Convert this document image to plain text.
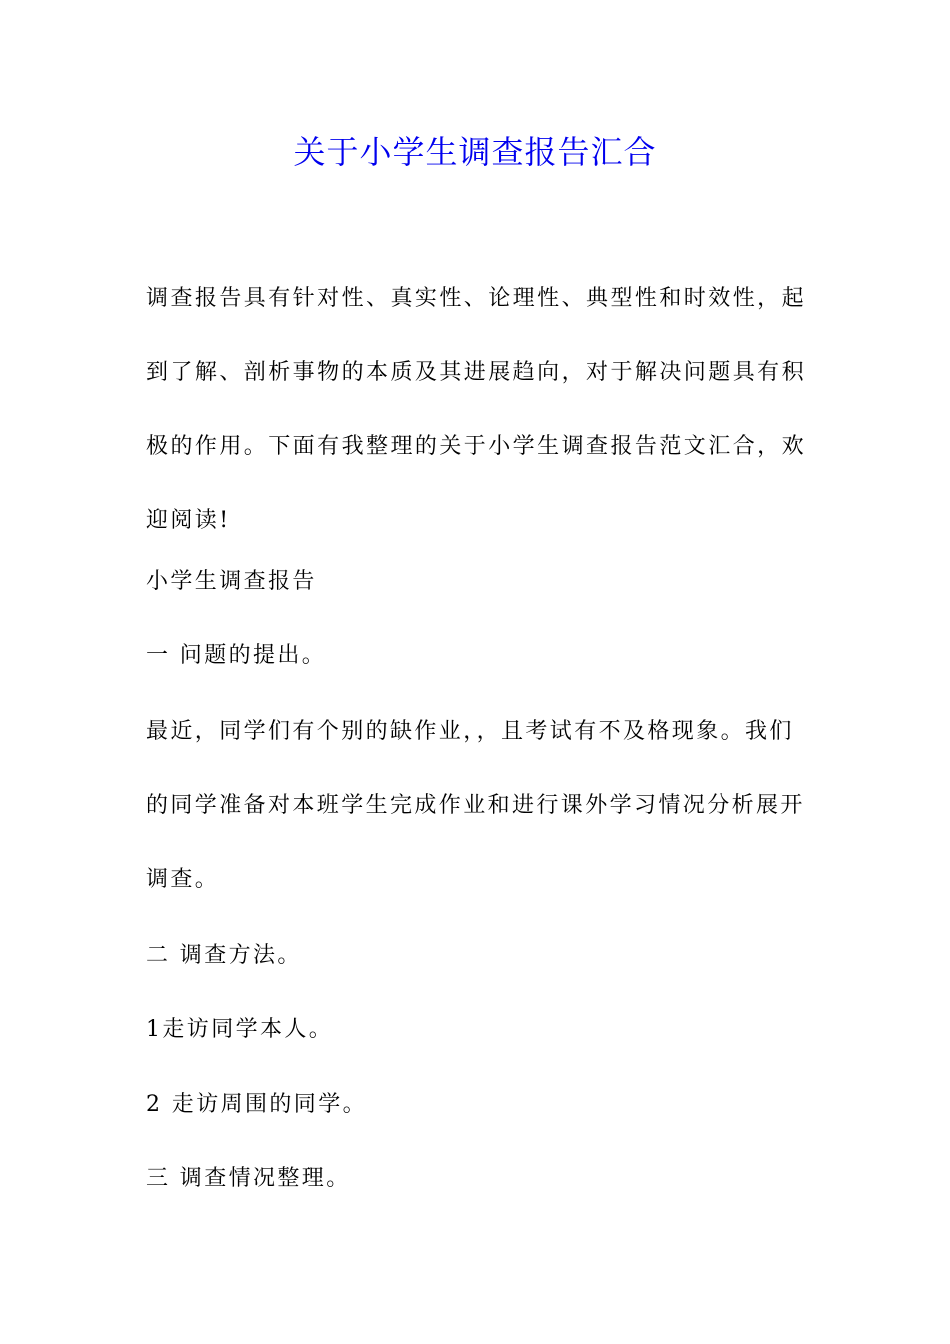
关于小学生调查报告汇合

调查报告具有针对性、真实性、论理性、典型性和时效性，起到了解、剖析事物的本质及其进展趋向，对于解决问题具有积极的作用。下面有我整理的关于小学生调查报告范文汇合，欢迎阅读!

小学生调查报告

一 问题的提出。

最近，同学们有个别的缺作业，，且考试有不及格现象。我们的同学准备对本班学生完成作业和进行课外学习情况分析展开调查。

二 调查方法。

1走访同学本人。

2 走访周围的同学。

三 调查情况整理。
